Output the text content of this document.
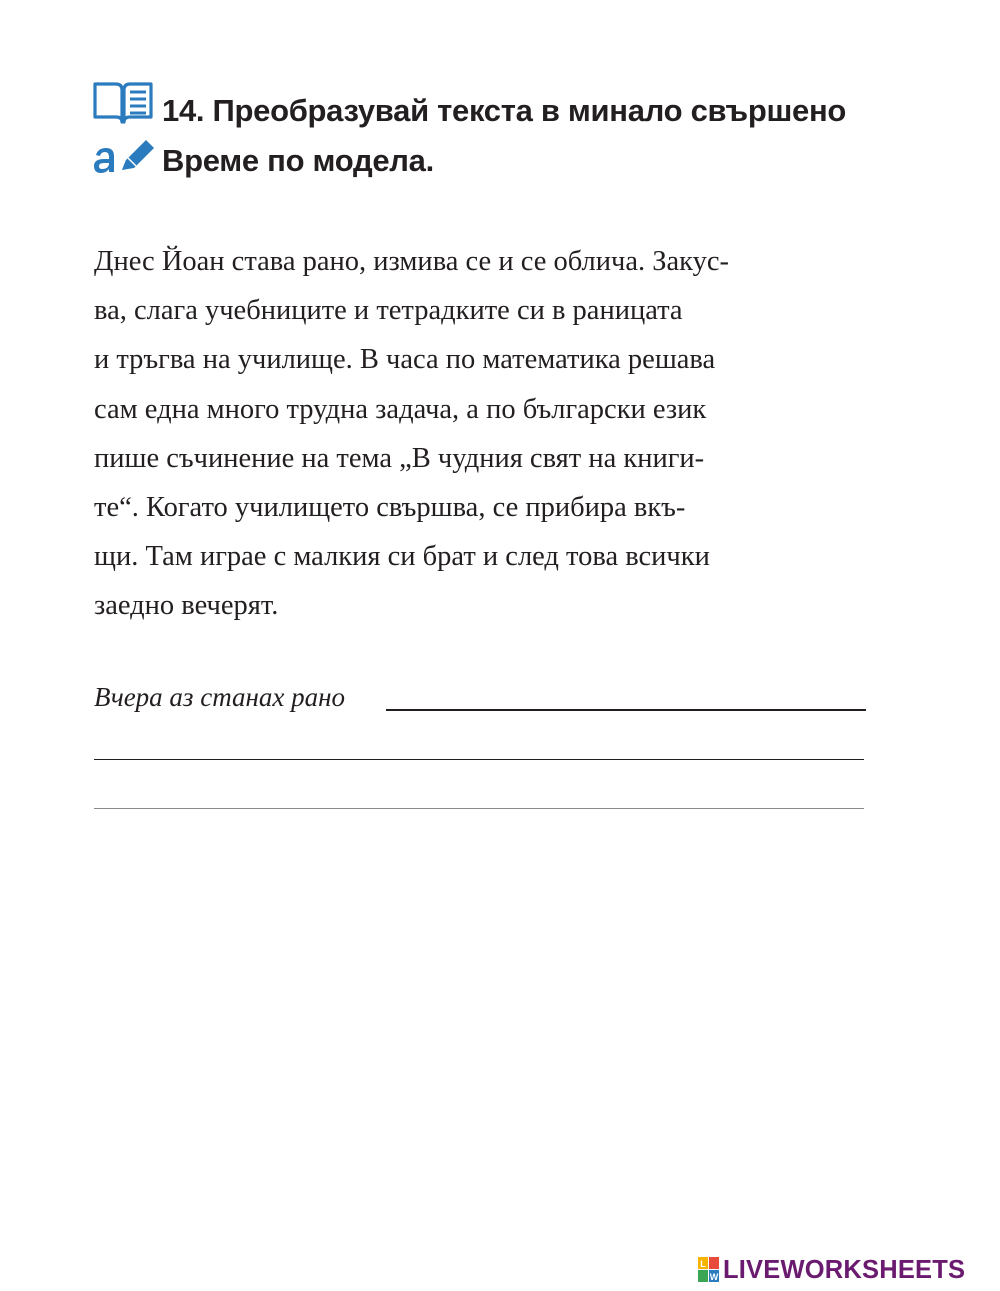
14. Преобразувай текста в минало свършено
Време по модела.
Днес Йоан става рано, измива се и се облича. Закус-
ва, слага учебниците и тетрадките си в раницата
и тръгва на училище. В часа по математика решава
сам една много трудна задача, а по български език
пише съчинение на тема „В чудния свят на книги-
те“. Когато училището свършва, се прибира вкъ-
щи. Там играе с малкия си брат и след това всички
заедно вечерят.
Вчера аз станах рано
L
W LIVEWORKSHEETS
